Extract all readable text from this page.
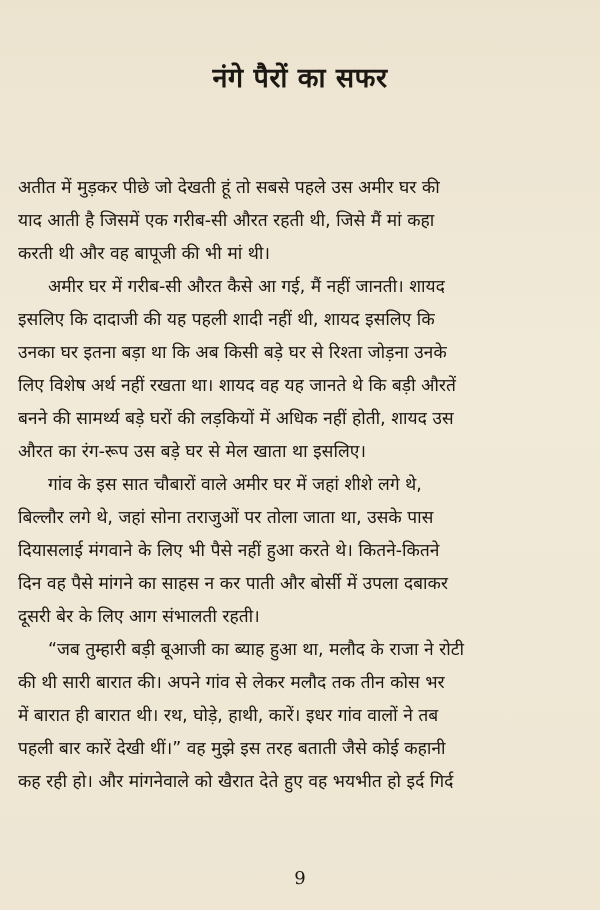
नंगे पैरों का सफर
अतीत में मुड़कर पीछे जो देखती हूं तो सबसे पहले उस अमीर घर की
याद आती है जिसमें एक गरीब-सी औरत रहती थी, जिसे मैं मां कहा
करती थी और वह बापूजी की भी मां थी।
अमीर घर में गरीब-सी औरत कैसे आ गई, मैं नहीं जानती। शायद
इसलिए कि दादाजी की यह पहली शादी नहीं थी, शायद इसलिए कि
उनका घर इतना बड़ा था कि अब किसी बड़े घर से रिश्ता जोड़ना उनके
लिए विशेष अर्थ नहीं रखता था। शायद वह यह जानते थे कि बड़ी औरतें
बनने की सामर्थ्य बड़े घरों की लड़कियों में अधिक नहीं होती, शायद उस
औरत का रंग-रूप उस बड़े घर से मेल खाता था इसलिए।
गांव के इस सात चौबारों वाले अमीर घर में जहां शीशे लगे थे,
बिल्लौर लगे थे, जहां सोना तराजुओं पर तोला जाता था, उसके पास
दियासलाई मंगवाने के लिए भी पैसे नहीं हुआ करते थे। कितने-कितने
दिन वह पैसे मांगने का साहस न कर पाती और बोर्सी में उपला दबाकर
दूसरी बेर के लिए आग संभालती रहती।
“जब तुम्हारी बड़ी बूआजी का ब्याह हुआ था, मलौद के राजा ने रोटी
की थी सारी बारात की। अपने गांव से लेकर मलौद तक तीन कोस भर
में बारात ही बारात थी। रथ, घोड़े, हाथी, कारें। इधर गांव वालों ने तब
पहली बार कारें देखी थीं।” वह मुझे इस तरह बताती जैसे कोई कहानी
कह रही हो। और मांगनेवाले को खैरात देते हुए वह भयभीत हो इर्द गिर्द
9
